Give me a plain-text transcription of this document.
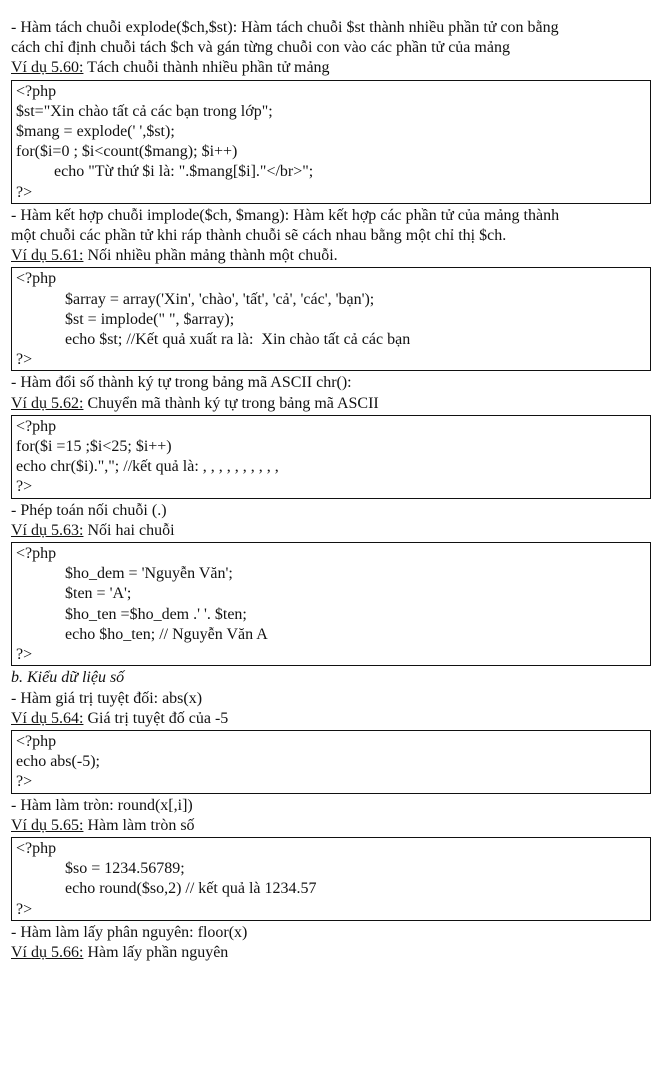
- Hàm tách chuỗi explode($ch,$st): Hàm tách chuỗi $st thành nhiều phần tử con bằng

cách chỉ định chuỗi tách $ch và gán từng chuỗi con vào các phần tử của mảng

Ví dụ 5.60: Tách chuỗi thành nhiều phần tử mảng

<?php

$st="Xin chào tất cả các bạn trong lớp";

$mang = explode(' ',$st);

for($i=0 ; $i<count($mang); $i++)

echo "Từ thứ $i là: ".$mang[$i]."</br>";

?>

- Hàm kết hợp chuỗi implode($ch, $mang): Hàm kết hợp các phần tử của mảng thành

một chuỗi các phần tử khi ráp thành chuỗi sẽ cách nhau bằng một chỉ thị $ch.

Ví dụ 5.61: Nối nhiều phần mảng thành một chuỗi.

<?php

$array = array('Xin', 'chào', 'tất', 'cả', 'các', 'bạn');

$st = implode(" ", $array);

echo $st; //Kết quả xuất ra là:  Xin chào tất cả các bạn

?>

- Hàm đổi số thành ký tự trong bảng mã ASCII chr():

Ví dụ 5.62: Chuyển mã thành ký tự trong bảng mã ASCII

<?php

for($i =15 ;$i<25; $i++)

echo chr($i).","; //kết quả là: , , , , , , , , , ,

?>

- Phép toán nối chuỗi (.)

Ví dụ 5.63: Nối hai chuỗi

<?php

$ho_dem = 'Nguyễn Văn';

$ten = 'A';

$ho_ten =$ho_dem .' '. $ten;

echo $ho_ten; // Nguyễn Văn A

?>

b. Kiểu dữ liệu số

- Hàm giá trị tuyệt đối: abs(x)

Ví dụ 5.64: Giá trị tuyệt đố của -5

<?php

echo abs(-5);

?>

- Hàm làm tròn: round(x[,i])

Ví dụ 5.65: Hàm làm tròn số

<?php

$so = 1234.56789;

echo round($so,2) // kết quả là 1234.57

?>

- Hàm làm lấy phân nguyên: floor(x)

Ví dụ 5.66: Hàm lấy phần nguyên
